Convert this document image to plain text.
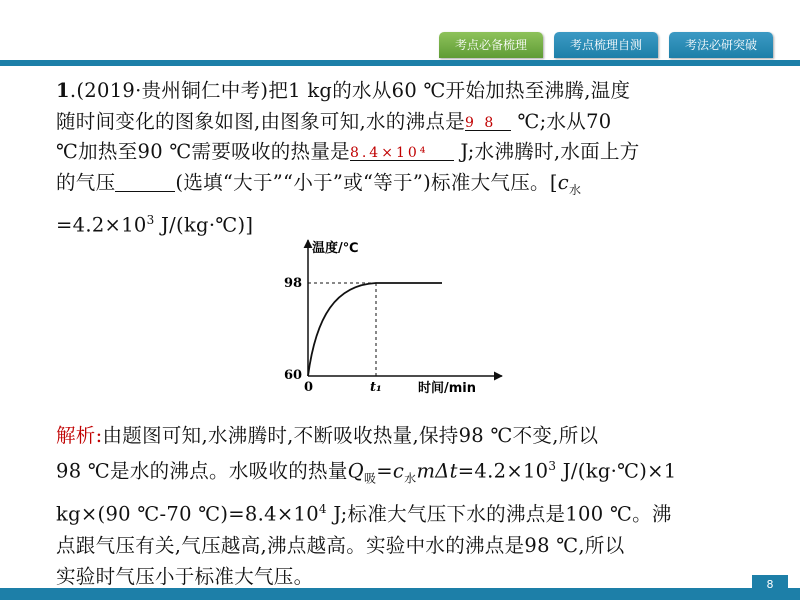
考点必备梳理	考点梳理自测	考法必研突破
1.(2019·贵州铜仁中考)把1 kg的水从60 ℃开始加热至沸腾,温度
随时间变化的图象如图,由图象可知,水的沸点是$^{9 8}$ ℃;水从70
℃加热至90 ℃需要吸收的热量是$^{8.4\times 10^4}$ J;水沸腾时,水面上方
的气压	(选填“大于”“小于”或“等于”)标准大气压。[$c_水$
$=4.2\times 10^3$ J/(kg·℃)]
温度/℃
时间/min
98
60
0	t₁
解析:由题图可知,水沸腾时,不断吸收热量,保持98 ℃不变,所以
98 ℃是水的沸点。水吸收的热量$Q_吸=c_水m\Delta t=4.2\times 10^3$ J/(kg·℃)×1
kg×(90 ℃-70 $℃)=8.4\times 10^4$ J;标准大气压下水的沸点是100 ℃。沸
点跟气压有关,气压越高,沸点越高。实验中水的沸点是98 ℃,所以
实验时气压小于标准大气压。	8
